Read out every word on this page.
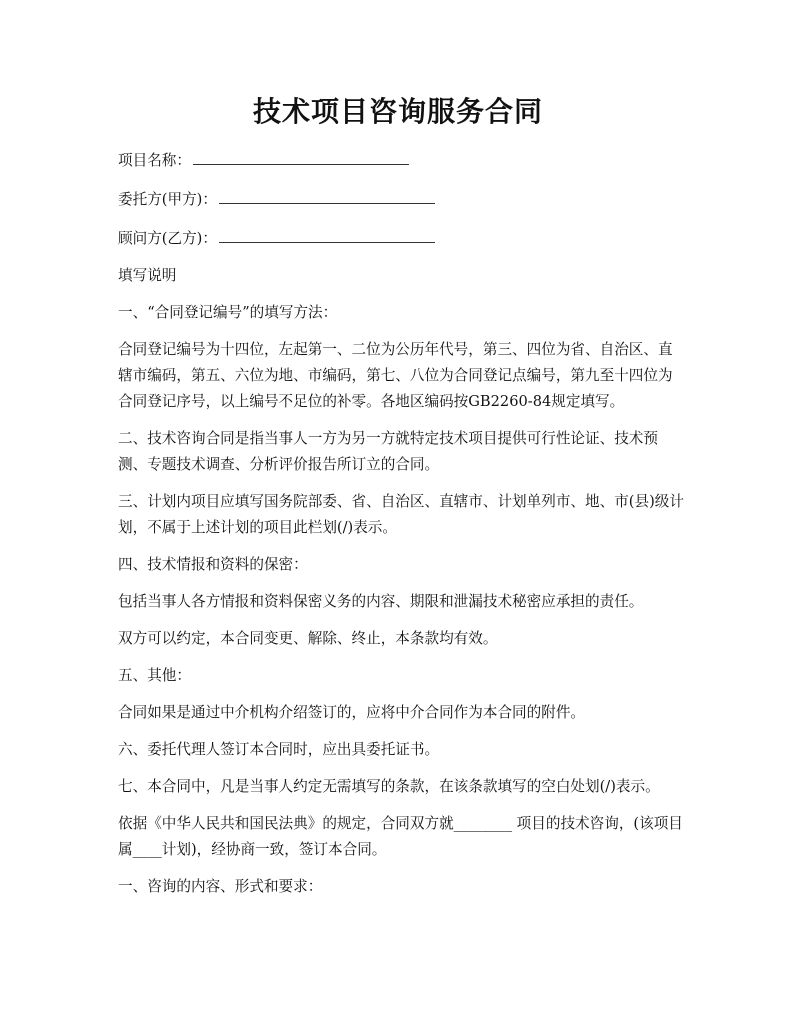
技术项目咨询服务合同
项目名称：
委托方(甲方)：
顾问方(乙方)：
填写说明
一、“合同登记编号”的填写方法：
合同登记编号为十四位，左起第一、二位为公历年代号，第三、四位为省、自治区、直辖市编码，第五、六位为地、市编码，第七、八位为合同登记点编号，第九至十四位为合同登记序号，以上编号不足位的补零。各地区编码按GB2260-84规定填写。
二、技术咨询合同是指当事人一方为另一方就特定技术项目提供可行性论证、技术预测、专题技术调查、分析评价报告所订立的合同。
三、计划内项目应填写国务院部委、省、自治区、直辖市、计划单列市、地、市(县)级计划，不属于上述计划的项目此栏划(/)表示。
四、技术情报和资料的保密：
包括当事人各方情报和资料保密义务的内容、期限和泄漏技术秘密应承担的责任。
双方可以约定，本合同变更、解除、终止，本条款均有效。
五、其他：
合同如果是通过中介机构介绍签订的，应将中介合同作为本合同的附件。
六、委托代理人签订本合同时，应出具委托证书。
七、本合同中，凡是当事人约定无需填写的条款，在该条款填写的空白处划(/)表示。
依据《中华人民共和国民法典》的规定，合同双方就________ 项目的技术咨询，(该项目属____计划)，经协商一致，签订本合同。
一、咨询的内容、形式和要求：
